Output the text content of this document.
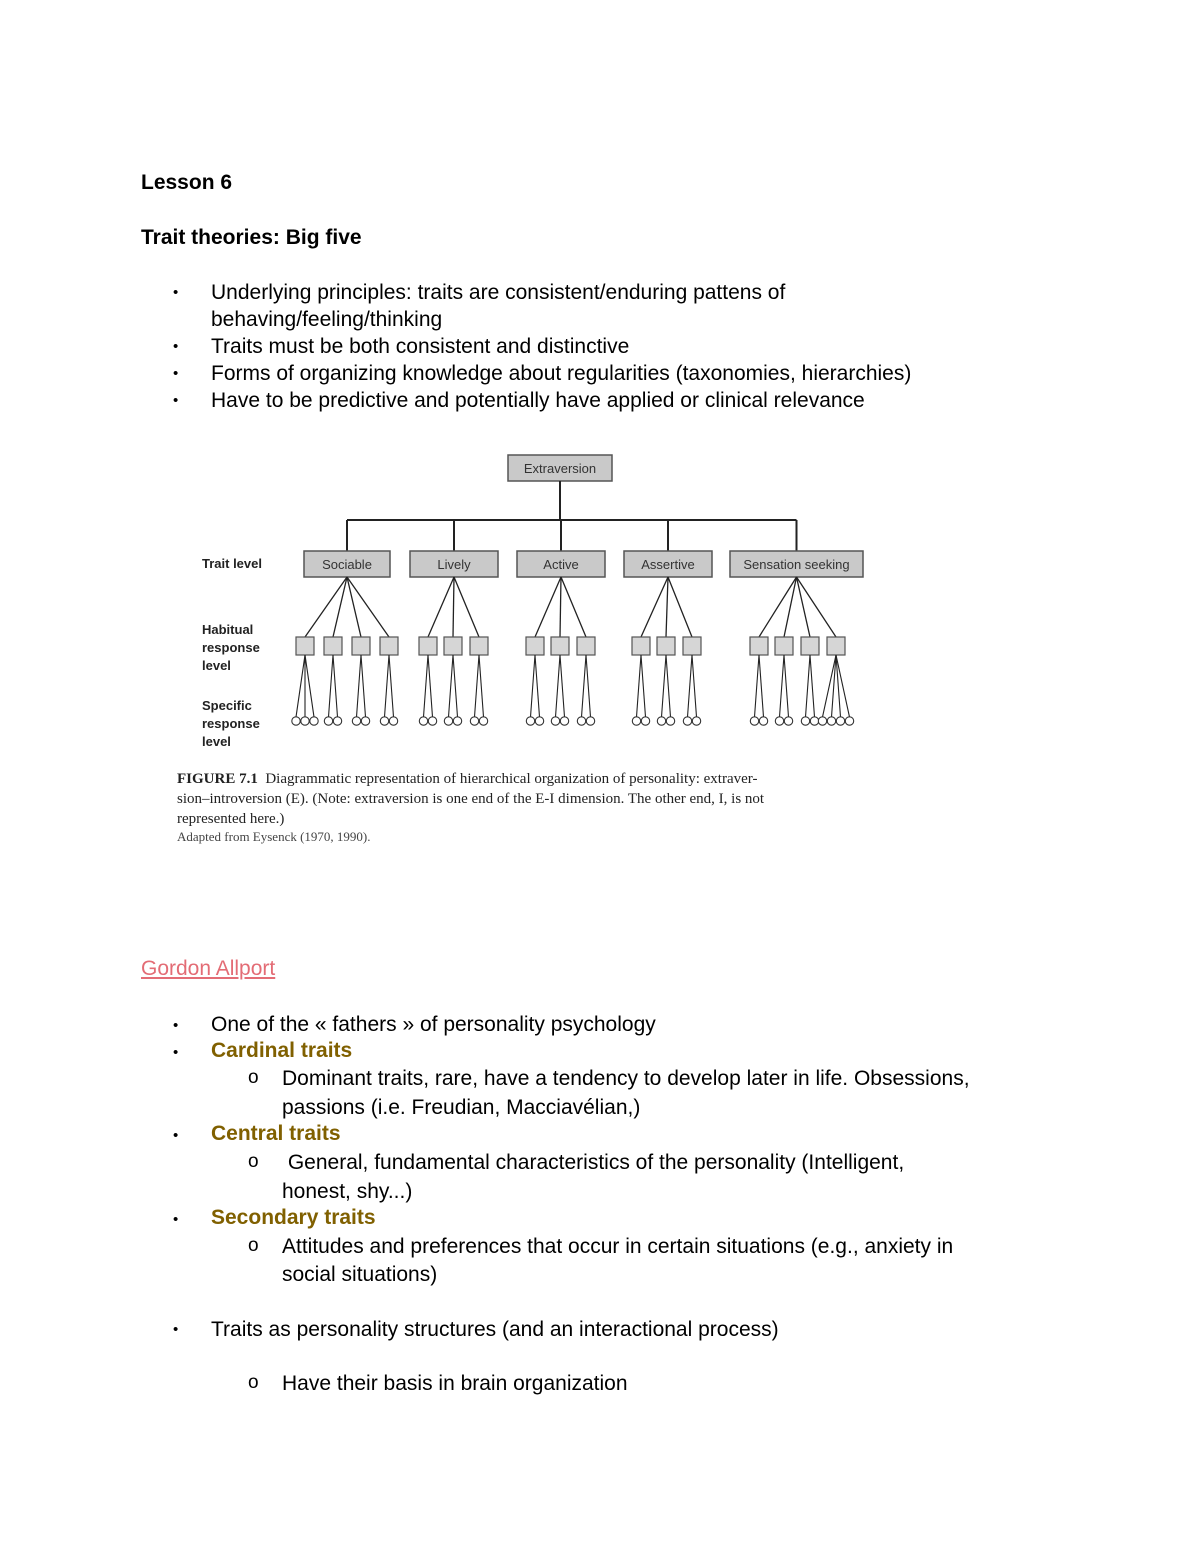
Lesson 6
Trait theories: Big five
• Underlying principles: traits are consistent/enduring pattens of
behaving/feeling/thinking
• Traits must be both consistent and distinctive
• Forms of organizing knowledge about regularities (taxonomies, hierarchies)
• Have to be predictive and potentially have applied or clinical relevance
Extraversion
Trait level
Habitual
response
level
Specific
response
level
Sociable	Lively	Active	Assertive	Sensation seeking
FIGURE 7.1 Diagrammatic representation of hierarchical organization of personality: extraver-
sion–introversion (E). (Note: extraversion is one end of the E-I dimension. The other end, I, is not
represented here.)
Adapted from Eysenck (1970, 1990).
Gordon Allport
• One of the « fathers » of personality psychology
• Cardinal traits
o Dominant traits, rare, have a tendency to develop later in life. Obsessions,
passions (i.e. Freudian, Macciavélian,)
• Central traits
o General, fundamental characteristics of the personality (Intelligent,
honest, shy...)
• Secondary traits
o Attitudes and preferences that occur in certain situations (e.g., anxiety in
social situations)
• Traits as personality structures (and an interactional process)
o Have their basis in brain organization
